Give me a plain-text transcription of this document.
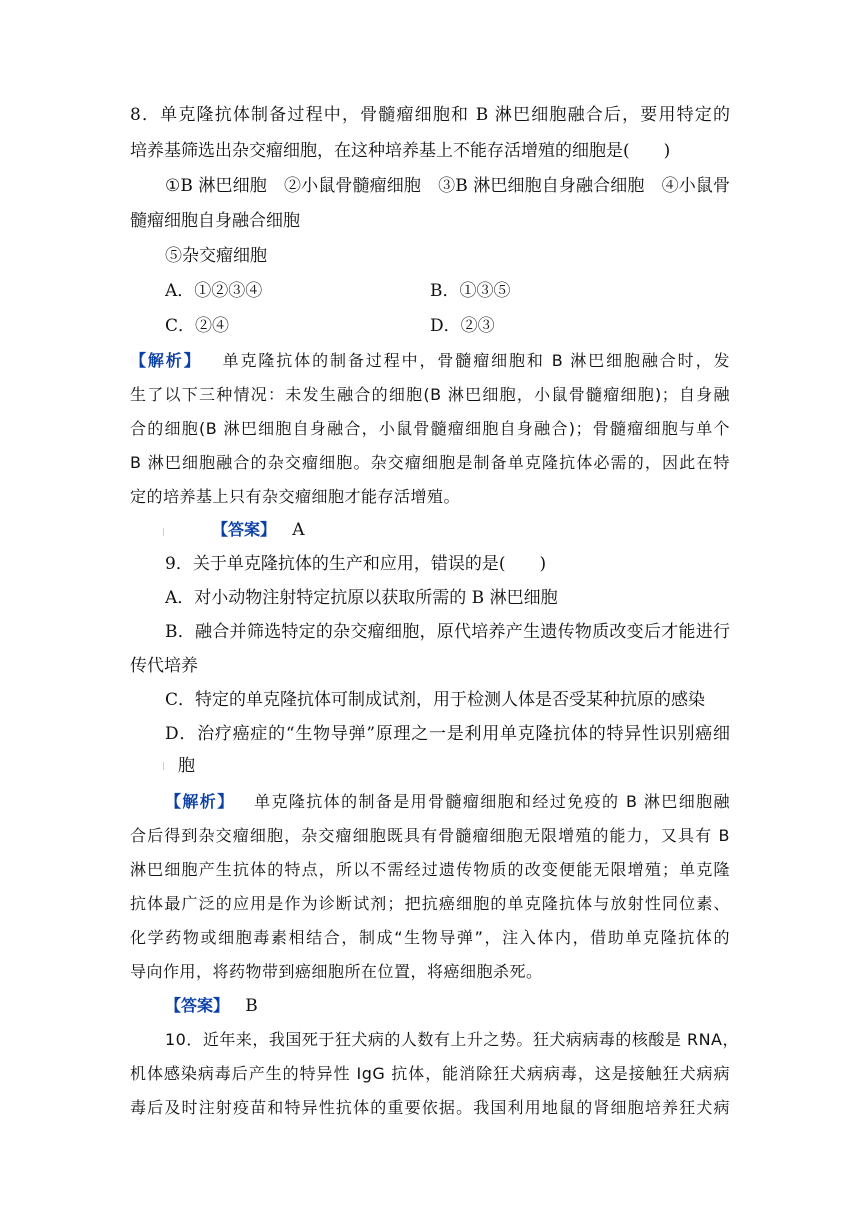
8．单克隆抗体制备过程中，骨髓瘤细胞和 B 淋巴细胞融合后，要用特定的
培养基筛选出杂交瘤细胞，在这种培养基上不能存活增殖的细胞是(　　)
①B 淋巴细胞　②小鼠骨髓瘤细胞　③B 淋巴细胞自身融合细胞　④小鼠骨
髓瘤细胞自身融合细胞
⑤杂交瘤细胞
A．①②③④	B．①③⑤
C．②④	D．②③
【解析】 单克隆抗体的制备过程中，骨髓瘤细胞和 B 淋巴细胞融合时，发
生了以下三种情况：未发生融合的细胞(B 淋巴细胞，小鼠骨髓瘤细胞)；自身融
合的细胞(B 淋巴细胞自身融合，小鼠骨髓瘤细胞自身融合)；骨髓瘤细胞与单个
B 淋巴细胞融合的杂交瘤细胞。杂交瘤细胞是制备单克隆抗体必需的，因此在特
定的培养基上只有杂交瘤细胞才能存活增殖。
【答案】 A
9．关于单克隆抗体的生产和应用，错误的是(　　)
A．对小动物注射特定抗原以获取所需的 B 淋巴细胞
B．融合并筛选特定的杂交瘤细胞，原代培养产生遗传物质改变后才能进行
传代培养
C．特定的单克隆抗体可制成试剂，用于检测人体是否受某种抗原的感染
D．治疗癌症的“生物导弹”原理之一是利用单克隆抗体的特异性识别癌细
胞
【解析】 单克隆抗体的制备是用骨髓瘤细胞和经过免疫的 B 淋巴细胞融
合后得到杂交瘤细胞，杂交瘤细胞既具有骨髓瘤细胞无限增殖的能力，又具有 B
淋巴细胞产生抗体的特点，所以不需经过遗传物质的改变便能无限增殖；单克隆
抗体最广泛的应用是作为诊断试剂；把抗癌细胞的单克隆抗体与放射性同位素、
化学药物或细胞毒素相结合，制成“生物导弹”，注入体内，借助单克隆抗体的
导向作用，将药物带到癌细胞所在位置，将癌细胞杀死。
【答案】 B
10．近年来，我国死于狂犬病的人数有上升之势。狂犬病病毒的核酸是 RNA，
机体感染病毒后产生的特异性 IgG 抗体，能消除狂犬病病毒，这是接触狂犬病病
毒后及时注射疫苗和特异性抗体的重要依据。我国利用地鼠的肾细胞培养狂犬病
